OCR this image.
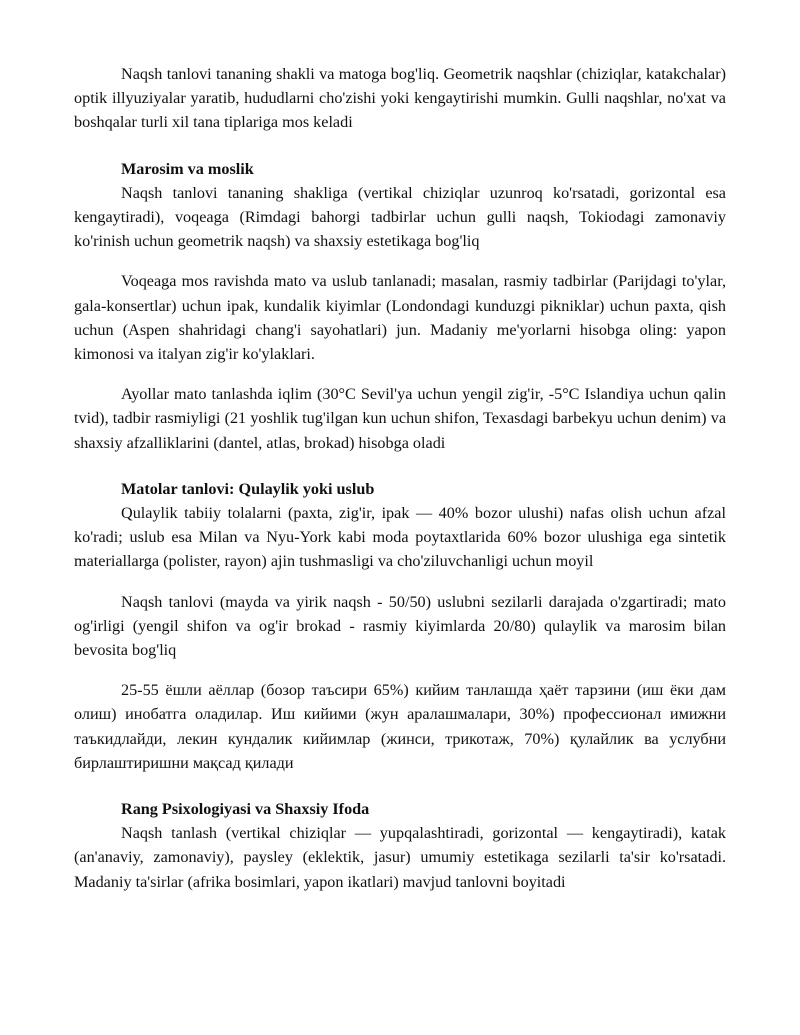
Naqsh tanlovi tananing shakli va matoga bog'liq. Geometrik naqshlar (chiziqlar, katakchalar) optik illyuziyalar yaratib, hududlarni cho'zishi yoki kengaytirishi mumkin. Gulli naqshlar, no'xat va boshqalar turli xil tana tiplariga mos keladi

Marosim va moslik

Naqsh tanlovi tananing shakliga (vertikal chiziqlar uzunroq ko'rsatadi, gorizontal esa kengaytiradi), voqeaga (Rimdagi bahorgi tadbirlar uchun gulli naqsh, Tokiodagi zamonaviy ko'rinish uchun geometrik naqsh) va shaxsiy estetikaga bog'liq

Voqeaga mos ravishda mato va uslub tanlanadi; masalan, rasmiy tadbirlar (Parijdagi to'ylar, gala-konsertlar) uchun ipak, kundalik kiyimlar (Londondagi kunduzgi pikniklar) uchun paxta, qish uchun (Aspen shahridagi chang'i sayohatlari) jun. Madaniy me'yorlarni hisobga oling: yapon kimonosi va italyan zig'ir ko'ylaklari.

Ayollar mato tanlashda iqlim (30°C Sevil'ya uchun yengil zig'ir, -5°C Islandiya uchun qalin tvid), tadbir rasmiyligi (21 yoshlik tug'ilgan kun uchun shifon, Texasdagi barbekyu uchun denim) va shaxsiy afzalliklarini (dantel, atlas, brokad) hisobga oladi

Matolar tanlovi: Qulaylik yoki uslub

Qulaylik tabiiy tolalarni (paxta, zig'ir, ipak — 40% bozor ulushi) nafas olish uchun afzal ko'radi; uslub esa Milan va Nyu-York kabi moda poytaxtlarida 60% bozor ulushiga ega sintetik materiallarga (polister, rayon) ajin tushmasligi va cho'ziluvchanligi uchun moyil

Naqsh tanlovi (mayda va yirik naqsh - 50/50) uslubni sezilarli darajada o'zgartiradi; mato og'irligi (yengil shifon va og'ir brokad - rasmiy kiyimlarda 20/80) qulaylik va marosim bilan bevosita bog'liq

25-55 ёшли аёллар (бозор таъсири 65%) кийим танлашда ҳаёт тарзини (иш ёки дам олиш) инобатга оладилар. Иш кийими (жун аралашмалари, 30%) профессионал имижни таъкидлайди, лекин кундалик кийимлар (жинси, трикотаж, 70%) қулайлик ва услубни бирлаштиришни мақсад қилади

Rang Psixologiyasi va Shaxsiy Ifoda

Naqsh tanlash (vertikal chiziqlar — yupqalashtiradi, gorizontal — kengaytiradi), katak (an'anaviy, zamonaviy), paysley (eklektik, jasur) umumiy estetikaga sezilarli ta'sir ko'rsatadi. Madaniy ta'sirlar (afrika bosimlari, yapon ikatlari) mavjud tanlovni boyitadi
